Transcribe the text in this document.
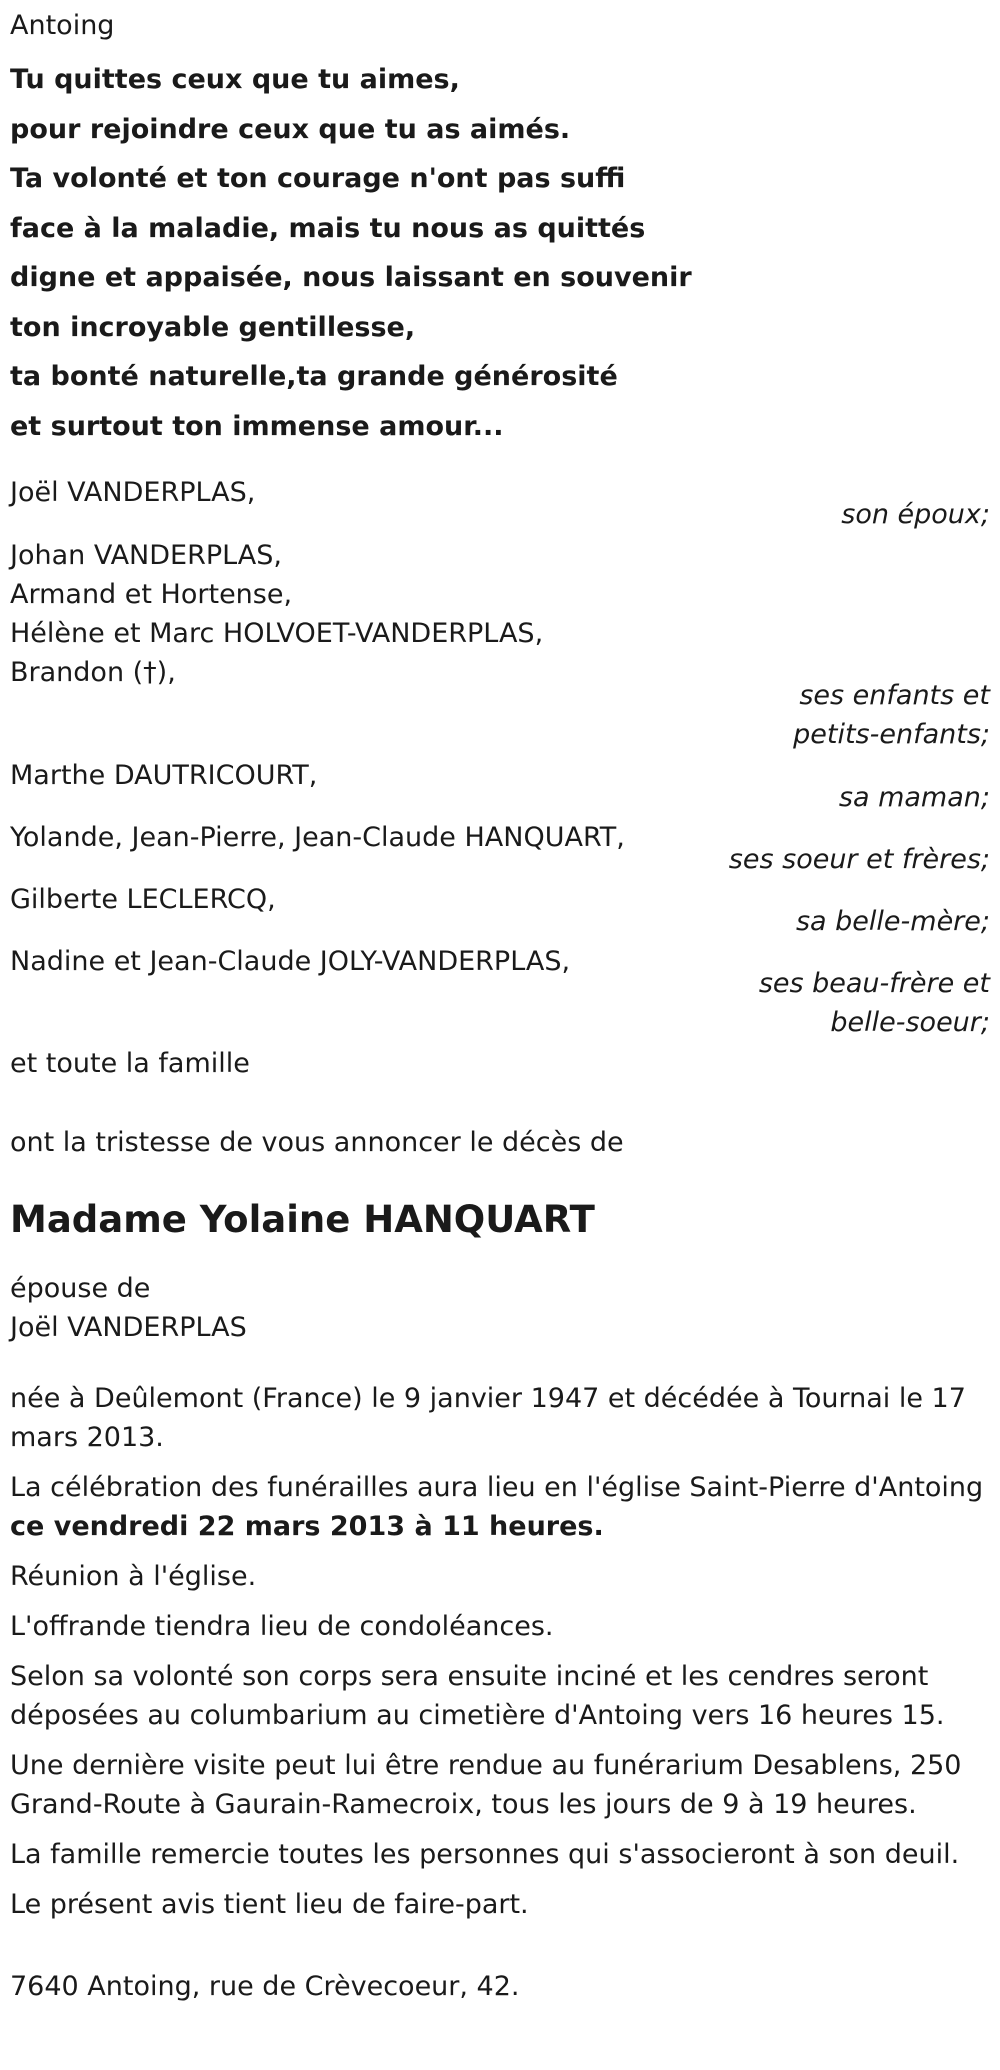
Antoing
Tu quittes ceux que tu aimes,
pour rejoindre ceux que tu as aimés.
Ta volonté et ton courage n'ont pas suffi
face à la maladie, mais tu nous as quittés
digne et appaisée, nous laissant en souvenir
ton incroyable gentillesse,
ta bonté naturelle,ta grande générosité
et surtout ton immense amour...
Joël VANDERPLAS,
son époux;
Johan VANDERPLAS,
Armand et Hortense,
Hélène et Marc HOLVOET-VANDERPLAS,
Brandon (†),
ses enfants et
petits-enfants;
Marthe DAUTRICOURT,
sa maman;
Yolande, Jean-Pierre, Jean-Claude HANQUART,
ses soeur et frères;
Gilberte LECLERCQ,
sa belle-mère;
Nadine et Jean-Claude JOLY-VANDERPLAS,
ses beau-frère et
belle-soeur;
et toute la famille

ont la tristesse de vous annoncer le décès de

Madame Yolaine HANQUART

épouse de

Joël VANDERPLAS

née à Deûlemont (France) le 9 janvier 1947 et décédée à Tournai le 17 mars 2013.

La célébration des funérailles aura lieu en l'église Saint-Pierre d'Antoing
ce vendredi 22 mars 2013 à 11 heures.

Réunion à l'église.

L'offrande tiendra lieu de condoléances.

Selon sa volonté son corps sera ensuite inciné et les cendres seront déposées au columbarium au cimetière d'Antoing vers 16 heures 15.

Une dernière visite peut lui être rendue au funérarium Desablens, 250 Grand-Route à Gaurain-Ramecroix, tous les jours de 9 à 19 heures.

La famille remercie toutes les personnes qui s'associeront à son deuil.

Le présent avis tient lieu de faire-part.

7640 Antoing, rue de Crèvecoeur, 42.
